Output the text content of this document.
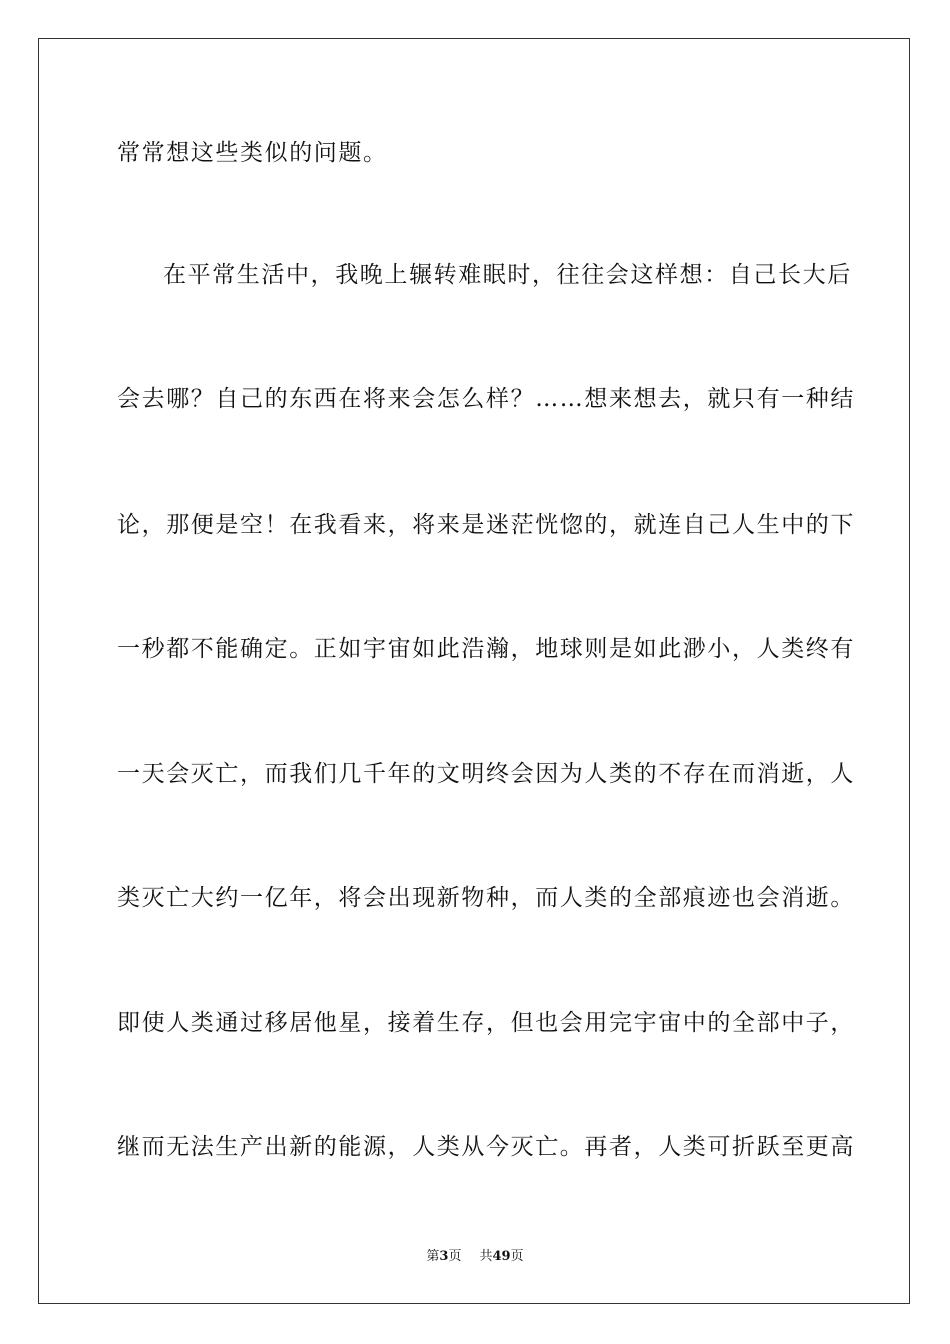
常常想这些类似的问题。
在平常生活中，我晚上辗转难眠时，往往会这样想：自己长大后
会去哪？自己的东西在将来会怎么样？……想来想去，就只有一种结
论，那便是空！在我看来，将来是迷茫恍惚的，就连自己人生中的下
一秒都不能确定。正如宇宙如此浩瀚，地球则是如此渺小，人类终有
一天会灭亡，而我们几千年的文明终会因为人类的不存在而消逝，人
类灭亡大约一亿年，将会出现新物种，而人类的全部痕迹也会消逝。
即使人类通过移居他星，接着生存，但也会用完宇宙中的全部中子，
继而无法生产出新的能源，人类从今灭亡。再者，人类可折跃至更高
第3页 共49页
